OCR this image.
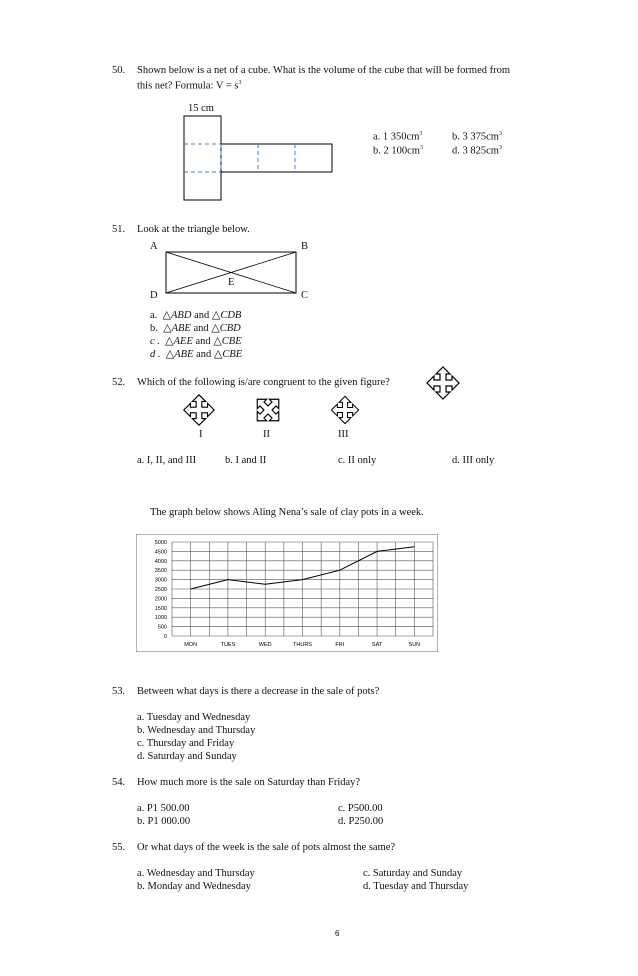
50. Shown below is a net of a cube. What is the volume of the cube that will be formed from
this net? Formula: $V = s^3$
15 cm
a. 1 $350cm^3$	b. 3 $375cm^3$
b. 2 $100cm^3$	d. 3 $825cm^3$
51. Look at the triangle below.
A	B
E
D	C
a. △ABD and △CDB
b. △ABE and △CBD
c . △AEE and △CBE
d . △ABE and △CBE
52. Which of the following is/are congruent to the given figure?
I	II	III
a. I, II, and III	b. I and II	c. II only	d. III only
The graph below shows Aling Nena’s sale of clay pots in a week.
0
500
1000
1500
2000
2500
3000
3500
4000
4500
5000
MON	TUES	WED	THURS	FRI	SAT	SUN
53. Between what days is there a decrease in the sale of pots?
a. Tuesday and Wednesday
b. Wednesday and Thursday
c. Thursday and Friday
d. Saturday and Sunday
54. How much more is the sale on Saturday than Friday?
a. P1 500.00	c. P500.00
b. P1 000.00	d. P250.00
55. Or what days of the week is the sale of pots almost the same?
a. Wednesday and Thursday	c. Saturday and Sunday
b. Monday and Wednesday	d. Tuesday and Thursday
6
